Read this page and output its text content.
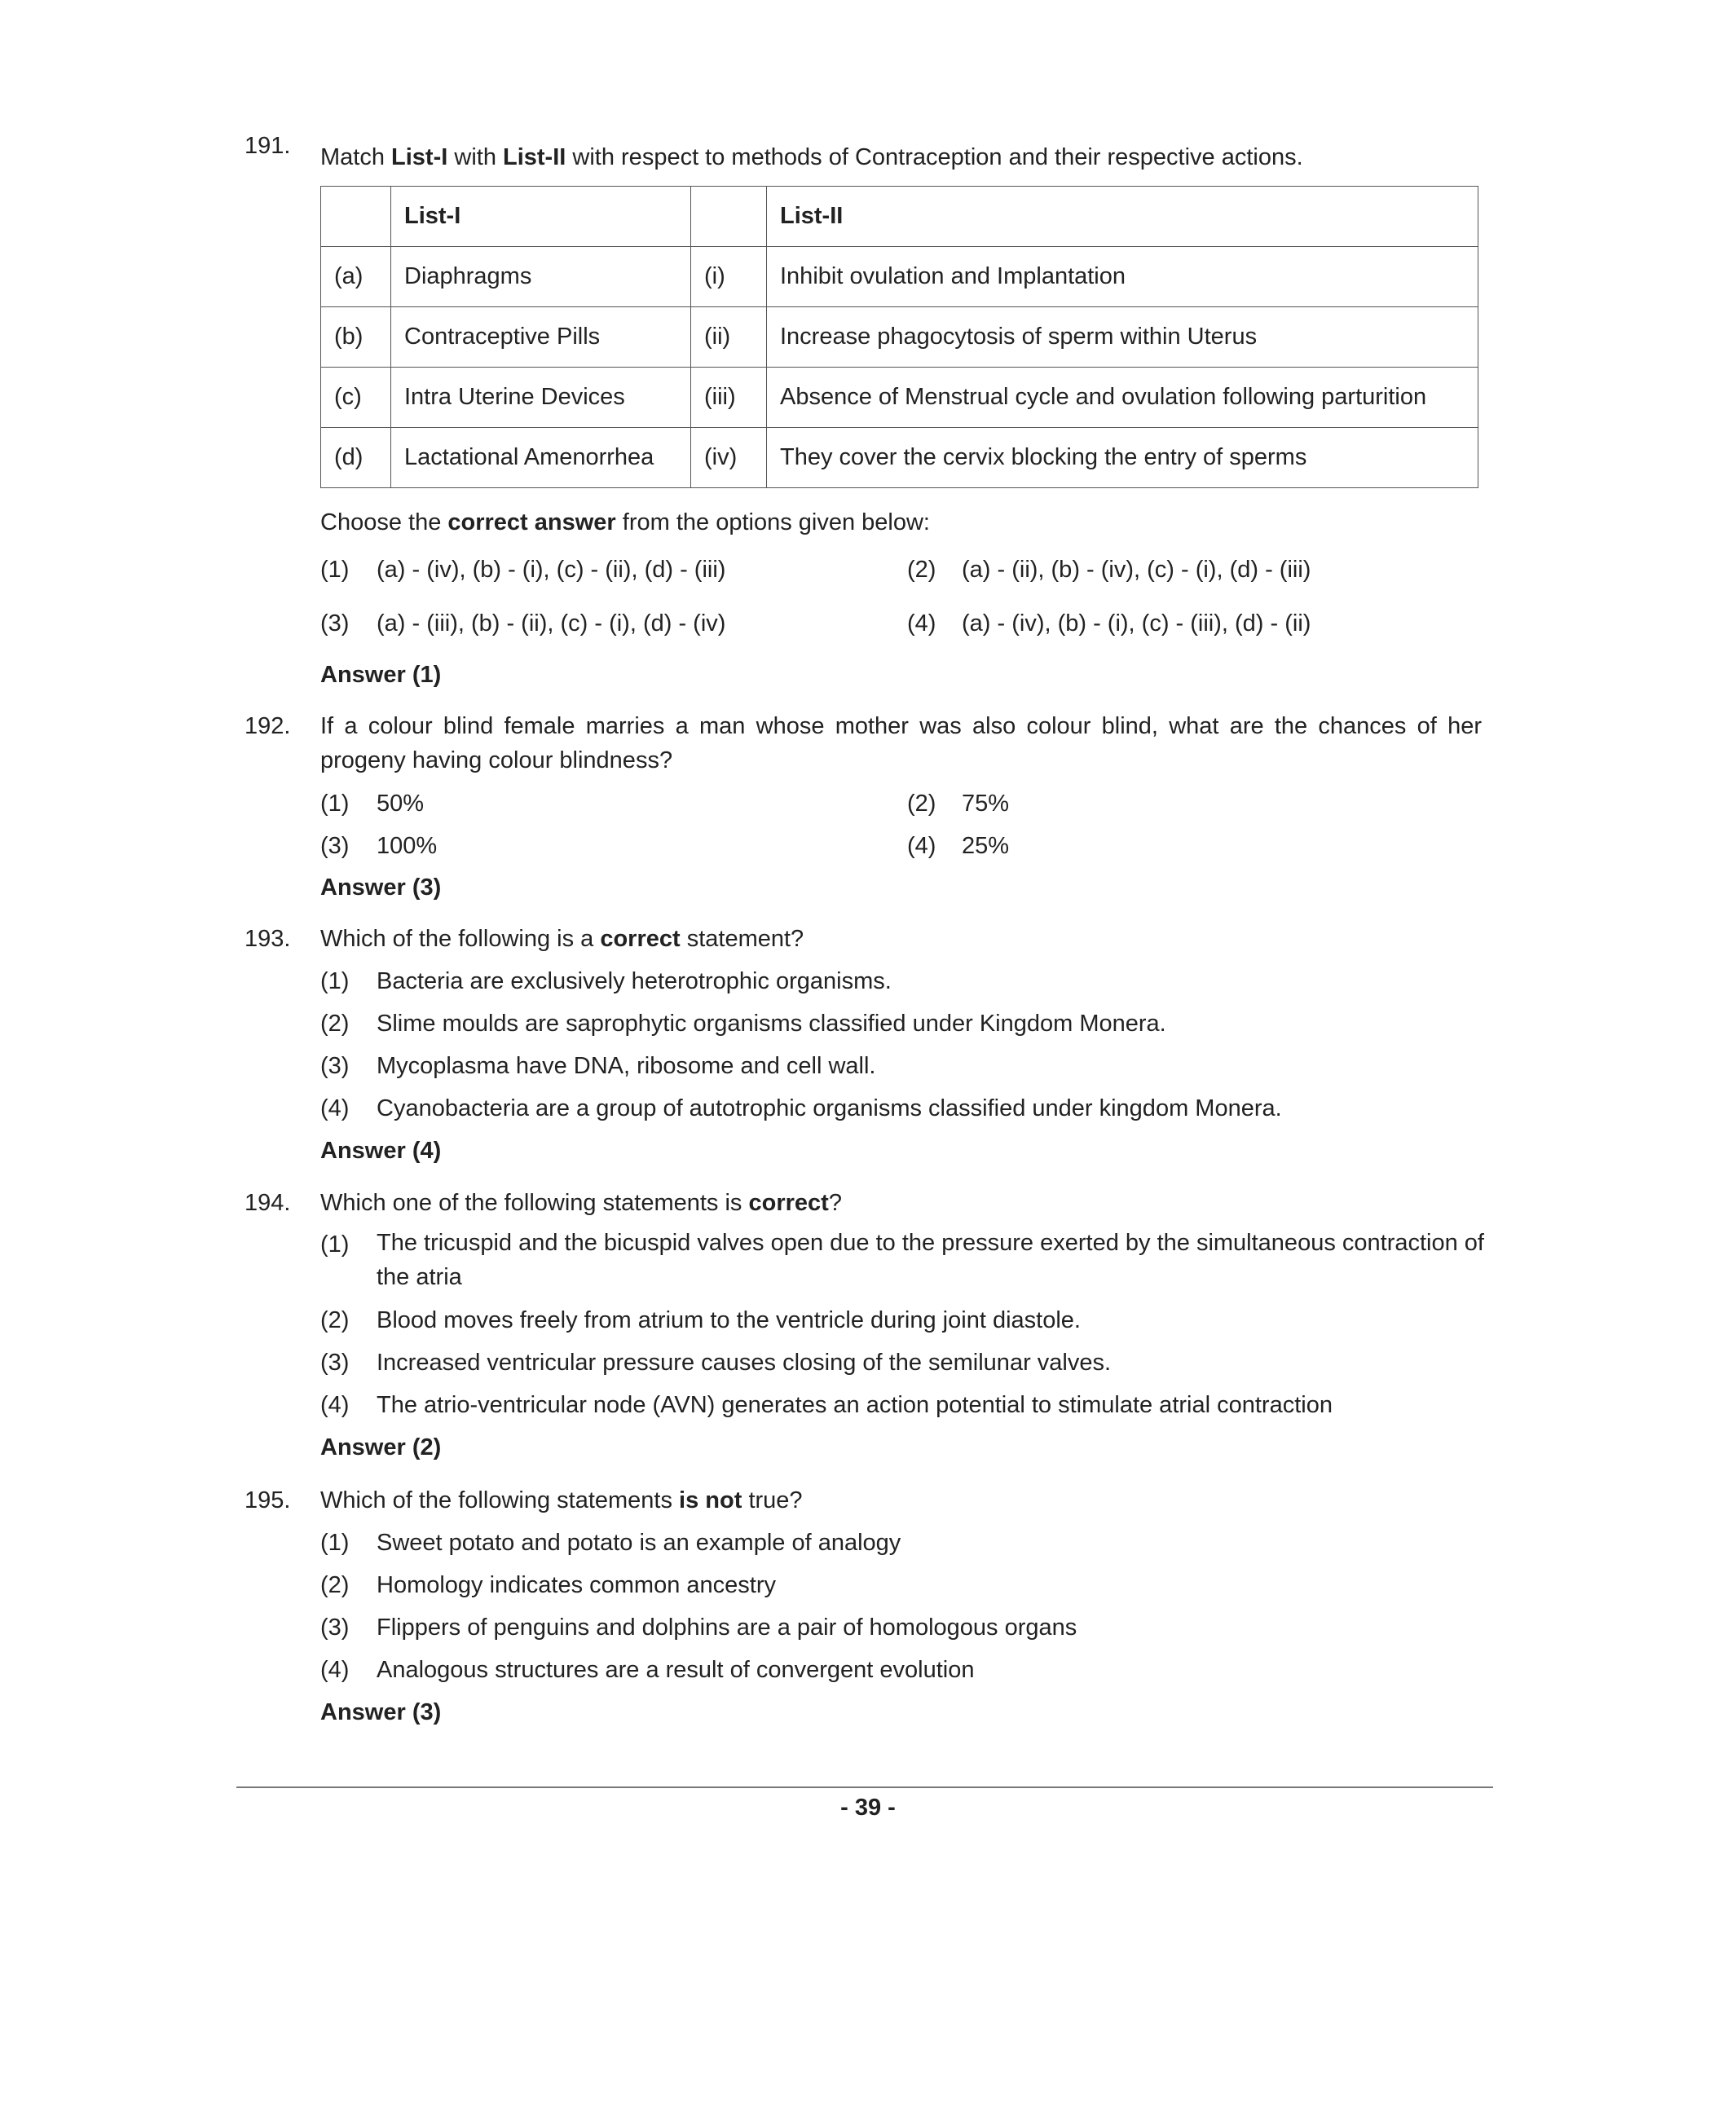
191. Match List-I with List-II with respect to methods of Contraception and their respective actions.
	List-I		List-II
(a)	Diaphragms	(i)	Inhibit ovulation and Implantation
(b)	Contraceptive Pills	(ii)	Increase phagocytosis of sperm within Uterus
(c)	Intra Uterine Devices	(iii)	Absence of Menstrual cycle and ovulation following parturition
(d)	Lactational Amenorrhea	(iv)	They cover the cervix blocking the entry of sperms
Choose the correct answer from the options given below:
(1) (a) - (iv), (b) - (i), (c) - (ii), (d) - (iii)	(2) (a) - (ii), (b) - (iv), (c) - (i), (d) - (iii)
(3) (a) - (iii), (b) - (ii), (c) - (i), (d) - (iv)	(4) (a) - (iv), (b) - (i), (c) - (iii), (d) - (ii)
Answer (1)
192. If a colour blind female marries a man whose mother was also colour blind, what are the chances of her progeny having colour blindness?
(1) 50%	(2) 75%
(3) 100%	(4) 25%
Answer (3)
193. Which of the following is a correct statement?
(1) Bacteria are exclusively heterotrophic organisms.
(2) Slime moulds are saprophytic organisms classified under Kingdom Monera.
(3) Mycoplasma have DNA, ribosome and cell wall.
(4) Cyanobacteria are a group of autotrophic organisms classified under kingdom Monera.
Answer (4)
194. Which one of the following statements is correct?
(1) The tricuspid and the bicuspid valves open due to the pressure exerted by the simultaneous contraction of the atria
(2) Blood moves freely from atrium to the ventricle during joint diastole.
(3) Increased ventricular pressure causes closing of the semilunar valves.
(4) The atrio-ventricular node (AVN) generates an action potential to stimulate atrial contraction
Answer (2)
195. Which of the following statements is not true?
(1) Sweet potato and potato is an example of analogy
(2) Homology indicates common ancestry
(3) Flippers of penguins and dolphins are a pair of homologous organs
(4) Analogous structures are a result of convergent evolution
Answer (3)
- 39 -
